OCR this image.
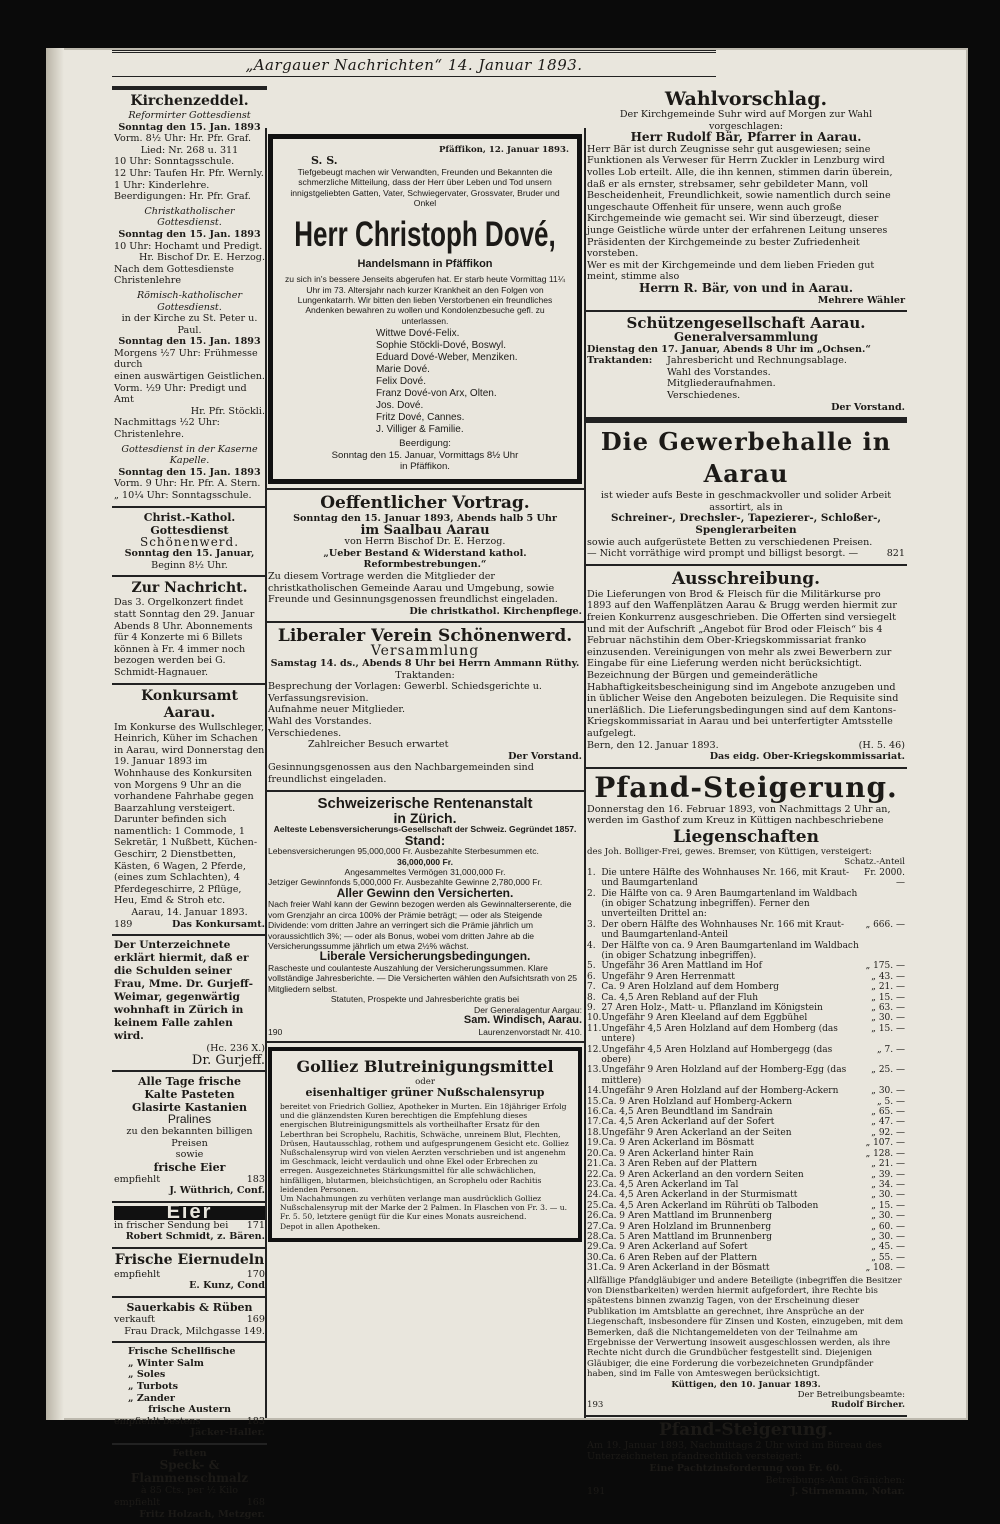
„Aargauer Nachrichten“ 14. Januar 1893.
Kirchenzeddel.
Reformirter Gottesdienst
Sonntag den 15. Jan. 1893
Vorm. 8½ Uhr: Hr. Pfr. Graf.
Lied: Nr. 268 u. 311
10 Uhr: Sonntagsschule.
12 Uhr: Taufen Hr. Pfr. Wernly.
1 Uhr: Kinderlehre.
Beerdigungen: Hr. Pfr. Graf.
Christkatholischer Gottesdienst.
Sonntag den 15. Jan. 1893
10 Uhr: Hochamt und Predigt.
Hr. Bischof Dr. E. Herzog.
Nach dem Gottesdienste Christenlehre
Römisch-katholischer Gottesdienst.
in der Kirche zu St. Peter u. Paul.
Sonntag den 15. Jan. 1893
Morgens ½7 Uhr: Frühmesse durch
einen auswärtigen Geistlichen.
Vorm. ½9 Uhr: Predigt und Amt
Hr. Pfr. Stöckli.
Nachmittags ½2 Uhr: Christenlehre.
Gottesdienst in der Kaserne Kapelle.
Sonntag den 15. Jan. 1893
Vorm. 9 Uhr: Hr. Pfr. A. Stern.
„ 10¼ Uhr: Sonntagsschule.
Christ.-Kathol. Gottesdienst
Schönenwerd.
Sonntag den 15. Januar,
Beginn 8½ Uhr.
Zur Nachricht.
Das 3. Orgelkonzert findet statt Sonntag den 29. Januar Abends 8 Uhr. Abonnements für 4 Konzerte mi 6 Billets können à Fr. 4 immer noch bezogen werden bei G. Schmidt-Hagnauer.
Konkursamt Aarau.
Im Konkurse des Wullschleger, Heinrich, Küher im Schachen in Aarau, wird Donnerstag den 19. Januar 1893 im Wohnhause des Konkursiten von Morgens 9 Uhr an die vorhandene Fahrhabe gegen Baarzahlung versteigert. Darunter befinden sich namentlich: 1 Commode, 1 Sekretär, 1 Nußbett, Küchen-Geschirr, 2 Dienstbetten, Kästen, 6 Wagen, 2 Pferde, (eines zum Schlachten), 4 Pferdegeschirre, 2 Pflüge, Heu, Emd & Stroh etc.
Aarau, 14. Januar 1893.
189	Das Konkursamt.
Der Unterzeichnete erklärt hiermit, daß er die Schulden seiner Frau, Mme. Dr. Gurjeff-Weimar, gegenwärtig wohnhaft in Zürich in keinem Falle zahlen wird.
(Hc. 236 X.)
Dr. Gurjeff.
Alle Tage frische
Kalte Pasteten
Glasirte Kastanien
Pralines
zu den bekannten billigen Preisen
sowie
frische Eier
empfiehlt	183
J. Wüthrich, Conf.
Eier
in frischer Sendung bei 171
Robert Schmidt, z. Bären.
Frische Eiernudeln
empfiehlt	170
E. Kunz, Cond
Sauerkabis & Rüben
verkauft	169
Frau Drack, Milchgasse 149.
Frische Schellfische
„ Winter Salm
„ Soles
„ Turbots
„ Zander
frische Austern
empfiehlt bestens	183
Jäcker-Haller.
Fetten
Speck- & Flammenschmalz
à 85 Cts. per ½ Kilo
empfiehlt	168
Fritz Holzach, Metzger.
Pfäffikon, 12. Januar 1893.
S. S.
Tiefgebeugt machen wir Verwandten, Freunden und Bekannten die schmerzliche Mitteilung, dass der Herr über Leben und Tod unsern innigstgeliebten Gatten, Vater, Schwiegervater, Grossvater, Bruder und Onkel
Herr Christoph Dové,
Handelsmann in Pfäffikon
zu sich in's bessere Jenseits abgerufen hat. Er starb heute Vormittag 11¼ Uhr im 73. Altersjahr nach kurzer Krankheit an den Folgen von Lungenkatarrh. Wir bitten den lieben Verstorbenen ein freundliches Andenken bewahren zu wollen und Kondolenzbesuche gefl. zu unterlassen.
Wittwe Dové-Felix.
Sophie Stöckli-Dové, Boswyl.
Eduard Dové-Weber, Menziken.
Marie Dové.
Felix Dové.
Franz Dové-von Arx, Olten.
Jos. Dové.
Fritz Dové, Cannes.
J. Villiger & Familie.
Beerdigung:
Sonntag den 15. Januar, Vormittags 8½ Uhr
in Pfäffikon.
Oeffentlicher Vortrag.
Sonntag den 15. Januar 1893, Abends halb 5 Uhr
im Saalbau Aarau
von Herrn Bischof Dr. E. Herzog.
„Ueber Bestand & Widerstand kathol. Reformbestrebungen.“
Zu diesem Vortrage werden die Mitglieder der christkatholischen Gemeinde Aarau und Umgebung, sowie Freunde und Gesinnungsgenossen freundlichst eingeladen.
Die christkathol. Kirchenpflege.
Liberaler Verein Schönenwerd.
Versammlung
Samstag 14. ds., Abends 8 Uhr bei Herrn Ammann Rüthy.
Traktanden:
Besprechung der Vorlagen: Gewerbl. Schiedsgerichte u. Verfassungsrevision.
Aufnahme neuer Mitglieder.
Wahl des Vorstandes.
Verschiedenes.
Zahlreicher Besuch erwartet
Der Vorstand.
Gesinnungsgenossen aus den Nachbargemeinden sind freundlichst eingeladen.
Schweizerische Rentenanstalt
in Zürich.
Aelteste Lebensversicherungs-Gesellschaft der Schweiz. Gegründet 1857.
Stand:
Lebensversicherungen 95,000,000 Fr. Ausbezahlte Sterbesummen etc.
36,000,000 Fr.
Angesammeltes Vermögen 31,000,000 Fr.
Jetziger Gewinnfonds 5,000,000 Fr. Ausbezahlte Gewinne 2,780,000 Fr.
Aller Gewinn den Versicherten.
Nach freier Wahl kann der Gewinn bezogen werden als Gewinnalterserente, die vom Grenzjahr an circa 100% der Prämie beträgt; — oder als Steigende Dividende: vom dritten Jahre an verringert sich die Prämie jährlich um voraussichtlich 3%; — oder als Bonus, wobei vom dritten Jahre ab die Versicherungssumme jährlich um etwa 2½% wächst.
Liberale Versicherungsbedingungen.
Rascheste und coulanteste Auszahlung der Versicherungssummen. Klare vollständige Jahresberichte. — Die Versicherten wählen den Aufsichtsrath von 25 Mitgliedern selbst.
Statuten, Prospekte und Jahresberichte gratis bei
Der Generalagentur Aargau:
Sam. Windisch, Aarau.
190	Laurenzenvorstadt Nr. 410.
Golliez Blutreinigungsmittel
oder
eisenhaltiger grüner Nußschalensyrup
bereitet von Friedrich Golliez, Apotheker in Murten. Ein 18jähriger Erfolg und die glänzendsten Kuren berechtigen die Empfehlung dieses energischen Blutreinigungsmittels als vortheilhafter Ersatz für den Leberthran bei Scrophelu, Rachitis, Schwäche, unreinem Blut, Flechten, Drüsen, Hautausschlag, rothem und aufgesprungenem Gesicht etc. Golliez Nußschalensyrup wird von vielen Aerzten verschrieben und ist angenehm im Geschmack, leicht verdaulich und ohne Ekel oder Erbrechen zu erregen. Ausgezeichnetes Stärkungsmittel für alle schwächlichen, hinfälligen, blutarmen, bleichsüchtigen, an Scrophelu oder Rachitis leidenden Personen.
Um Nachahmungen zu verhüten verlange man ausdrücklich Golliez Nußschalensyrup mit der Marke der 2 Palmen. In Flaschen von Fr. 3. — u. Fr. 5. 50, letztere genügt für die Kur eines Monats ausreichend.
Depot in allen Apotheken.
Wahlvorschlag.
Der Kirchgemeinde Suhr wird auf Morgen zur Wahl vorgeschlagen:
Herr Rudolf Bär, Pfarrer in Aarau.
Herr Bär ist durch Zeugnisse sehr gut ausgewiesen; seine Funktionen als Verweser für Herrn Zuckler in Lenzburg wird volles Lob erteilt. Alle, die ihn kennen, stimmen darin überein, daß er als ernster, strebsamer, sehr gebildeter Mann, voll Bescheidenheit, Freundlichkeit, sowie namentlich durch seine ungeschaute Offenheit für unsere, wenn auch große Kirchgemeinde wie gemacht sei. Wir sind überzeugt, dieser junge Geistliche würde unter der erfahrenen Leitung unseres Präsidenten der Kirchgemeinde zu bester Zufriedenheit vorsteben.
Wer es mit der Kirchgemeinde und dem lieben Frieden gut meint, stimme also
Herrn R. Bär, von und in Aarau.
Mehrere Wähler
Schützengesellschaft Aarau.
Generalversammlung
Dienstag den 17. Januar, Abends 8 Uhr im „Ochsen.“
Traktanden:	Jahresbericht und Rechnungsablage.
Wahl des Vorstandes.
Mitgliederaufnahmen.
Verschiedenes.
Der Vorstand.
Die Gewerbehalle in Aarau
ist wieder aufs Beste in geschmackvoller und solider Arbeit assortirt, als in
Schreiner-, Drechsler-, Tapezierer-, Schloßer-, Spenglerarbeiten
sowie auch aufgerüstete Betten zu verschiedenen Preisen.
— Nicht vorräthige wird prompt und billigst besorgt. —	821
Ausschreibung.
Die Lieferungen von Brod & Fleisch für die Militärkurse pro 1893 auf den Waffenplätzen Aarau & Brugg werden hiermit zur freien Konkurrenz ausgeschrieben. Die Offerten sind versiegelt und mit der Aufschrift „Angebot für Brod oder Fleisch“ bis 4 Februar nächstihin dem Ober-Kriegskommissariat franko einzusenden. Vereinigungen von mehr als zwei Bewerbern zur Eingabe für eine Lieferung werden nicht berücksichtigt. Bezeichnung der Bürgen und gemeinderätliche Habhaftigkeitsbescheinigung sind im Angebote anzugeben und in üblicher Weise den Angeboten beizulegen. Die Requisite sind unerläßlich. Die Lieferungsbedingungen sind auf dem Kantons-Kriegskommissariat in Aarau und bei unterfertigter Amtsstelle aufgelegt.
Bern, den 12. Januar 1893.	(H. 5. 46)
Das eidg. Ober-Kriegskommissariat.
Pfand-Steigerung.
Donnerstag den 16. Februar 1893, von Nachmittags 2 Uhr an, werden im Gasthof zum Kreuz in Küttigen nachbeschriebene
Liegenschaften
des Joh. Bolliger-Frei, gewes. Bremser, von Küttigen, versteigert:
Schatz.-Anteil
1.	Die untere Hälfte des Wohnhauses Nr. 166, mit Kraut- und Baumgartenland	Fr. 2000. —
2.	Die Hälfte von ca. 9 Aren Baumgartenland im Waldbach (in obiger Schatzung inbegriffen). Ferner den unverteilten Drittel an:	
3.	Der obern Hälfte des Wohnhauses Nr. 166 mit Kraut- und Baumgartenland-Anteil	„ 666. —
4.	Der Hälfte von ca. 9 Aren Baumgartenland im Waldbach (in obiger Schatzung inbegriffen).	
5.	Ungefähr 36 Aren Mattland im Hof	„ 175. —
6.	Ungefähr 9 Aren Herrenmatt	„ 43. —
7.	Ca. 9 Aren Holzland auf dem Homberg	„ 21. —
8.	Ca. 4,5 Aren Rebland auf der Fluh	„ 15. —
9.	27 Aren Holz-, Matt- u. Pflanzland im Königstein	„ 63. —
10.	Ungefähr 9 Aren Kleeland auf dem Eggbühel	„ 30. —
11.	Ungefähr 4,5 Aren Holzland auf dem Homberg (das untere)	„ 15. —
12.	Ungefähr 4,5 Aren Holzland auf Hombergegg (das obere)	„ 7. —
13.	Ungefähr 9 Aren Holzland auf der Homberg-Egg (das mittlere)	„ 25. —
14.	Ungefähr 9 Aren Holzland auf der Homberg-Ackern	„ 30. —
15.	Ca. 9 Aren Holzland auf Homberg-Ackern	„ 5. —
16.	Ca. 4,5 Aren Beundtland im Sandrain	„ 65. —
17.	Ca. 4,5 Aren Ackerland auf der Sofert	„ 47. —
18.	Ungefähr 9 Aren Ackerland an der Seiten	„ 92. —
19.	Ca. 9 Aren Ackerland im Bösmatt	„ 107. —
20.	Ca. 9 Aren Ackerland hinter Rain	„ 128. —
21.	Ca. 3 Aren Reben auf der Plattern	„ 21. —
22.	Ca. 9 Aren Ackerland an den vordern Seiten	„ 39. —
23.	Ca. 4,5 Aren Ackerland im Tal	„ 34. —
24.	Ca. 4,5 Aren Ackerland in der Sturmismatt	„ 30. —
25.	Ca. 4,5 Aren Ackerland im Rührüti ob Talboden	„ 15. —
26.	Ca. 9 Aren Mattland im Brunnenberg	„ 30. —
27.	Ca. 9 Aren Holzland im Brunnenberg	„ 60. —
28.	Ca. 5 Aren Mattland im Brunnenberg	„ 30. —
29.	Ca. 9 Aren Ackerland auf Sofert	„ 45. —
30.	Ca. 6 Aren Reben auf der Plattern	„ 55. —
31.	Ca. 9 Aren Ackerland in der Bösmatt	„ 108. —
Allfällige Pfandgläubiger und andere Beteiligte (inbegriffen die Besitzer von Dienstbarkeiten) werden hiermit aufgefordert, ihre Rechte bis spätestens binnen zwanzig Tagen, von der Erscheinung dieser Publikation im Amtsblatte an gerechnet, ihre Ansprüche an der Liegenschaft, insbesondere für Zinsen und Kosten, einzugeben, mit dem Bemerken, daß die Nichtangemeldeten von der Teilnahme am Ergebnisse der Verwertung insoweit ausgeschlossen werden, als ihre Rechte nicht durch die Grundbücher festgestellt sind. Diejenigen Gläubiger, die eine Forderung die vorbezeichneten Grundpfänder haben, sind im Falle von Amteswegen berücksichtigt.
Küttigen, den 10. Januar 1893.
Der Betreibungsbeamte:
193	Rudolf Bircher.
Pfand-Steigerung.
Am 19. Januar 1893, Nachmittags 2 Uhr wird im Büreau des Unterzeichneten pfandrechtlich versteigert:
Eine Pachtzinsforderung von Fr. 60.
Betreibungs-Amt Gränichen:
191	J. Stirnemann, Notar.
